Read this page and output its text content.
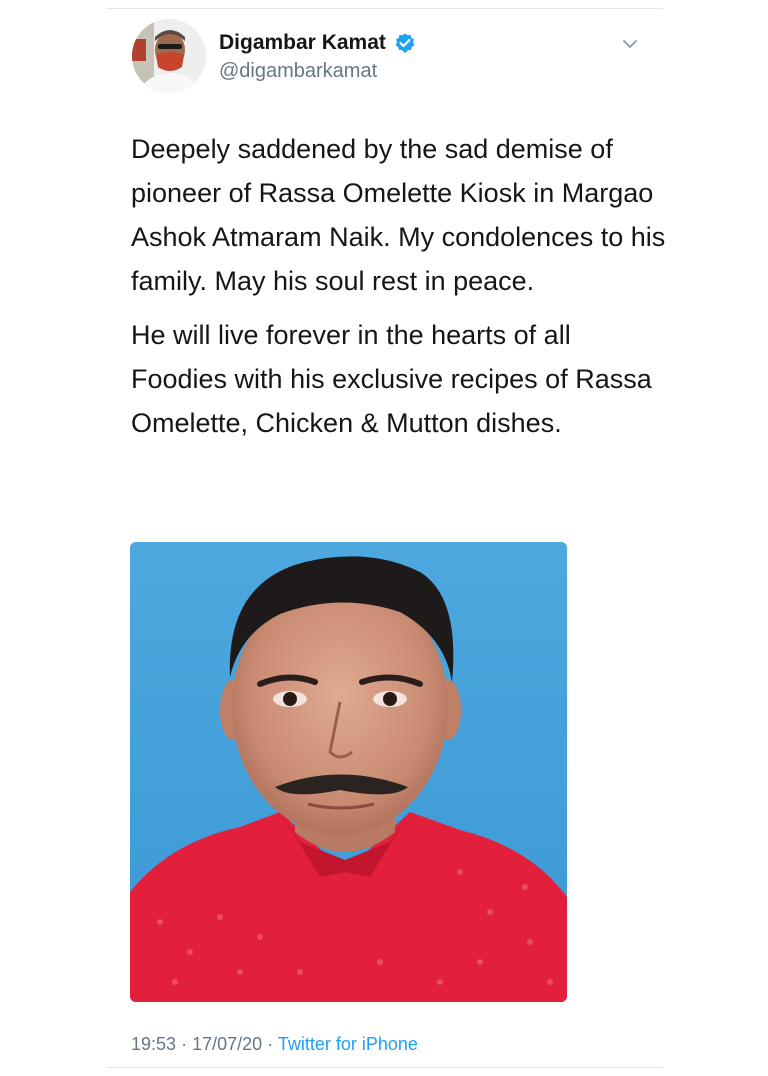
Digambar Kamat
@digambarkamat

Deepely saddened by the sad demise of pioneer of Rassa Omelette Kiosk in Margao Ashok Atmaram Naik. My condolences to his family. May his soul rest in peace.

He will live forever in the hearts of all Foodies with his exclusive recipes of Rassa Omelette, Chicken & Mutton dishes.

19:53 · 17/07/20 · Twitter for iPhone
